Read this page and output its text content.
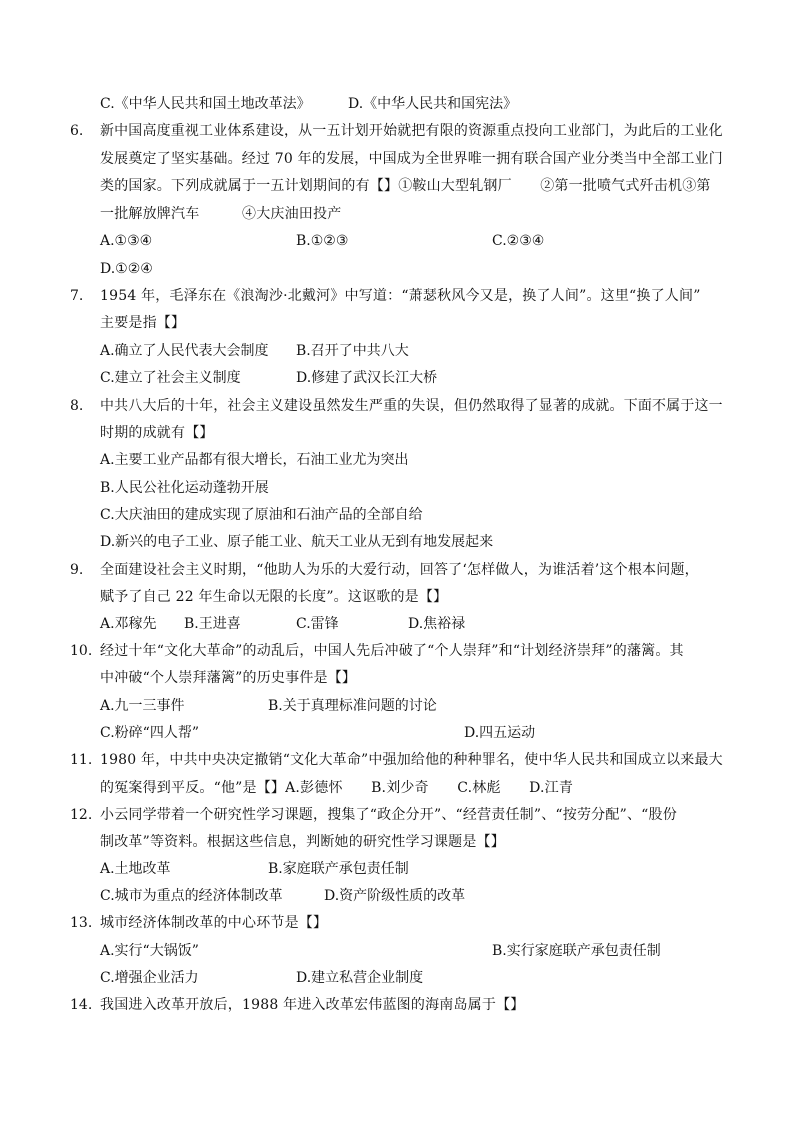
C.《中华人民共和国土地改革法》	D.《中华人民共和国宪法》
6. 新中国高度重视工业体系建设，从一五计划开始就把有限的资源重点投向工业部门，为此后的工业化
发展奠定了坚实基础。经过 70 年的发展，中国成为全世界唯一拥有联合国产业分类当中全部工业门
类的国家。下列成就属于一五计划期间的有【】①鞍山大型轧钢厂　　②第一批喷气式歼击机③第
一批解放牌汽车　　　④大庆油田投产
A.①③④	B.①②③	C.②③④
D.①②④
7. 1954 年，毛泽东在《浪淘沙·北戴河》中写道：“萧瑟秋风今又是，换了人间”。这里“换了人间”
主要是指【】
A.确立了人民代表大会制度 B.召开了中共八大
C.建立了社会主义制度	D.修建了武汉长江大桥
8. 中共八大后的十年，社会主义建设虽然发生严重的失误，但仍然取得了显著的成就。下面不属于这一
时期的成就有【】
A.主要工业产品都有很大增长，石油工业尤为突出
B.人民公社化运动蓬勃开展
C.大庆油田的建成实现了原油和石油产品的全部自给
D.新兴的电子工业、原子能工业、航天工业从无到有地发展起来
9. 全面建设社会主义时期，“他助人为乐的大爱行动，回答了‘怎样做人，为谁活着’这个根本问题，
赋予了自己 22 年生命以无限的长度”。这讴歌的是【】
A.邓稼先 B.王进喜	C.雷锋	D.焦裕禄
10. 经过十年“文化大革命”的动乱后，中国人先后冲破了“个人崇拜”和“计划经济崇拜”的藩篱。其
中冲破“个人崇拜藩篱”的历史事件是【】
A.九一三事件	B.关于真理标准问题的讨论
C.粉碎“四人帮”	D.四五运动
11. 1980 年，中共中央决定撤销“文化大革命”中强加给他的种种罪名，使中华人民共和国成立以来最大
的冤案得到平反。“他”是【】A.彭德怀　　B.刘少奇　　C.林彪　　D.江青
12. 小云同学带着一个研究性学习课题，搜集了“政企分开”、“经营责任制”、“按劳分配”、“股份
制改革”等资料。根据这些信息，判断她的研究性学习课题是【】
A.土地改革	B.家庭联产承包责任制
C.城市为重点的经济体制改革	D.资产阶级性质的改革
13. 城市经济体制改革的中心环节是【】
A.实行“大锅饭”	B.实行家庭联产承包责任制
C.增强企业活力	D.建立私营企业制度
14. 我国进入改革开放后，1988 年进入改革宏伟蓝图的海南岛属于【】
